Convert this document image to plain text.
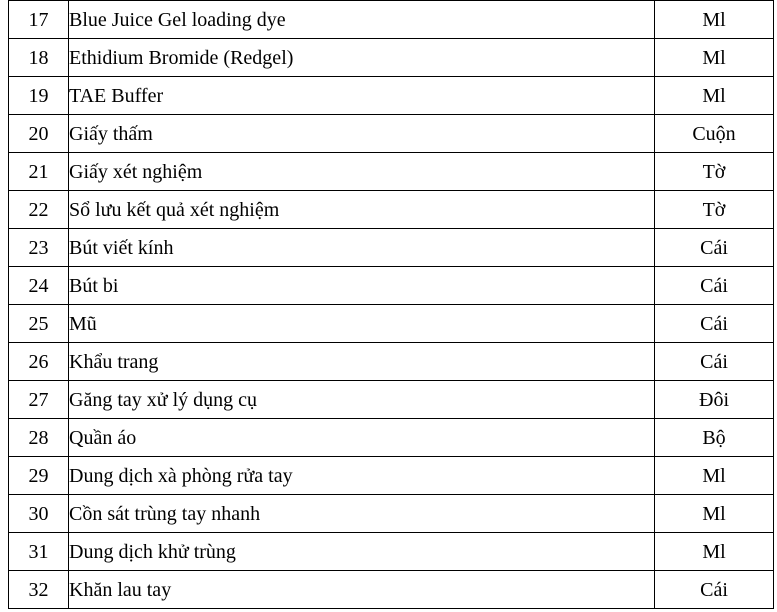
17	Blue Juice Gel loading dye	Ml
18	Ethidium Bromide (Redgel)	Ml
19	TAE Buffer	Ml
20	Giấy thấm	Cuộn
21	Giấy xét nghiệm	Tờ
22	Sổ lưu kết quả xét nghiệm	Tờ
23	Bút viết kính	Cái
24	Bút bi	Cái
25	Mũ	Cái
26	Khẩu trang	Cái
27	Găng tay xử lý dụng cụ	Đôi
28	Quần áo	Bộ
29	Dung dịch xà phòng rửa tay	Ml
30	Cồn sát trùng tay nhanh	Ml
31	Dung dịch khử trùng	Ml
32	Khăn lau tay	Cái
